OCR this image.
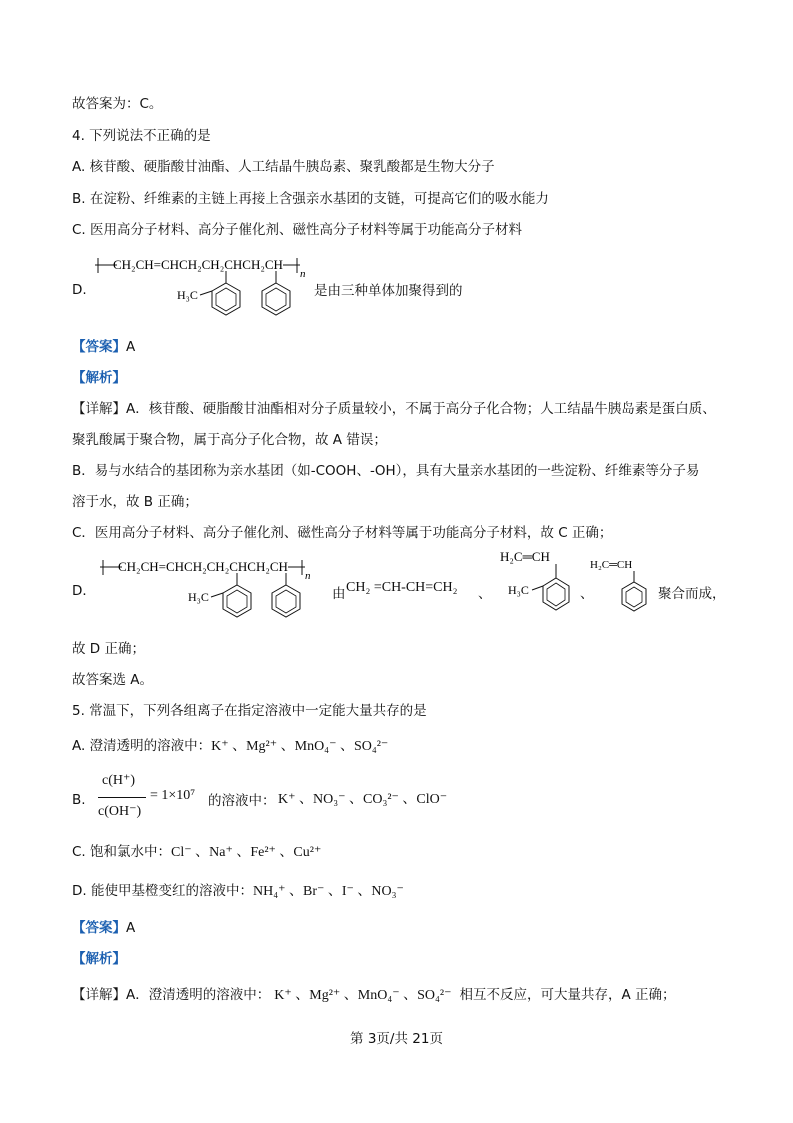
故答案为：C。
4. 下列说法不正确的是
A. 核苷酸、硬脂酸甘油酯、人工结晶牛胰岛素、聚乳酸都是生物大分子
B. 在淀粉、纤维素的主链上再接上含强亲水基团的支链，可提高它们的吸水能力
C. 医用高分子材料、高分子催化剂、磁性高分子材料等属于功能高分子材料
D.
CH₂CH=CHCH₂CH₂CHCH₂CH
n
H₃C	是由三种单体加聚得到的
【答案】A
【解析】
【详解】A．核苷酸、硬脂酸甘油酯相对分子质量较小，不属于高分子化合物；人工结晶牛胰岛素是蛋白质、
聚乳酸属于聚合物，属于高分子化合物，故 A 错误；
B．易与水结合的基团称为亲水基团（如-COOH、-OH），具有大量亲水基团的一些淀粉、纤维素等分子易
溶于水，故 B 正确；
C．医用高分子材料、高分子催化剂、磁性高分子材料等属于功能高分子材料，故 C 正确；
D．
CH₂CH=CHCH₂CH₂CHCH₂CH
n
H₃C	由 CH₂ =CH-CH=CH₂ 、
H₂C═CH
H₃C	、
H₂C═CH
聚合而成，
故 D 正确；
故答案选 A。
5. 常温下，下列各组离子在指定溶液中一定能大量共存的是
A. 澄清透明的溶液中：K⁺ 、Mg²⁺ 、MnO₄⁻ 、SO₄²⁻
B.
c(H⁺)
c(OH⁻)
= 1×10⁷ 的溶液中： K⁺ 、NO₃⁻ 、CO₃²⁻ 、ClO⁻
C. 饱和氯水中：Cl⁻ 、Na⁺ 、Fe²⁺ 、Cu²⁺
D. 能使甲基橙变红的溶液中：NH₄⁺ 、Br⁻ 、I⁻ 、NO₃⁻
【答案】A
【解析】
【详解】A．澄清透明的溶液中： K⁺ 、Mg²⁺ 、MnO₄⁻ 、SO₄²⁻ 相互不反应，可大量共存，A 正确；
第 3页/共 21页
